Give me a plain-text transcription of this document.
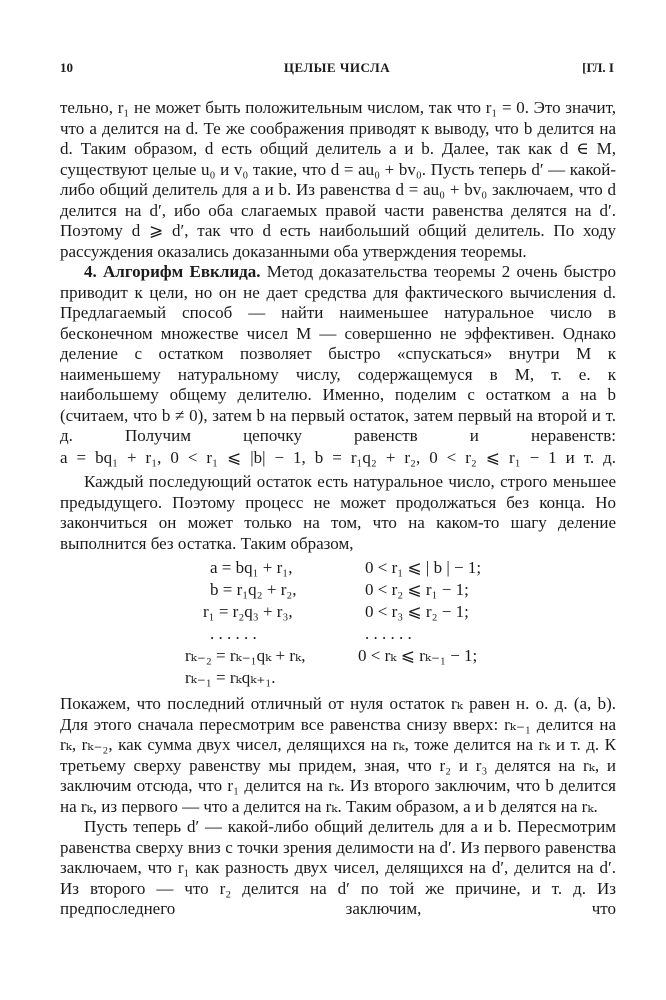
10	ЦЕЛЫЕ ЧИСЛА	[ГЛ. I

тельно, r₁ не может быть положительным числом, так что r₁ = 0. Это значит, что a делится на d. Те же соображения приводят к выводу, что b делится на d. Таким образом, d есть общий делитель a и b. Далее, так как d ∈ M, существуют целые u₀ и v₀ такие, что d = au₀ + bv₀. Пусть теперь d′ — какой-либо общий делитель для a и b. Из равенства d = au₀ + bv₀ заключаем, что d делится на d′, ибо оба слагаемых правой части равенства делятся на d′. Поэтому d ⩾ d′, так что d есть наибольший общий делитель. По ходу рассуждения оказались доказанными оба утверждения теоремы.

4. Алгорифм Евклида. Метод доказательства теоремы 2 очень быстро приводит к цели, но он не дает средства для фактического вычисления d. Предлагаемый способ — найти наименьшее натуральное число в бесконечном множестве чисел M — совершенно не эффективен. Однако деление с остатком позволяет быстро «спускаться» внутри M к наименьшему натуральному числу, содержащемуся в M, т. е. к наибольшему общему делителю. Именно, поделим с остатком a на b (считаем, что b ≠ 0), затем b на первый остаток, затем первый на второй и т. д. Получим цепочку равенств и неравенств:

a = bq₁ + r₁, 0 < r₁ ⩽ |b| − 1, b = r₁q₂ + r₂, 0 < r₂ ⩽ r₁ − 1 и т. д.

Каждый последующий остаток есть натуральное число, строго меньшее предыдущего. Поэтому процесс не может продолжаться без конца. Но закончиться он может только на том, что на каком-то шагу деление выполнится без остатка. Таким образом,

a = bq₁ + r₁,	0 < r₁ ⩽ | b | − 1;
b = r₁q₂ + r₂,	0 < r₂ ⩽ r₁ − 1;
r₁ = r₂q₃ + r₃,	0 < r₃ ⩽ r₂ − 1;
. . . . . .	. . . . . .
rₖ₋₂ = rₖ₋₁qₖ + rₖ,	0 < rₖ ⩽ rₖ₋₁ − 1;
rₖ₋₁ = rₖqₖ₊₁.

Покажем, что последний отличный от нуля остаток rₖ равен н. о. д. (a, b). Для этого сначала пересмотрим все равенства снизу вверх: rₖ₋₁ делится на rₖ, rₖ₋₂, как сумма двух чисел, делящихся на rₖ, тоже делится на rₖ и т. д. К третьему сверху равенству мы придем, зная, что r₂ и r₃ делятся на rₖ, и заключим отсюда, что r₁ делится на rₖ. Из второго заключим, что b делится на rₖ, из первого — что a делится на rₖ. Таким образом, a и b делятся на rₖ.

Пусть теперь d′ — какой-либо общий делитель для a и b. Пересмотрим равенства сверху вниз с точки зрения делимости на d′. Из первого равенства заключаем, что r₁ как разность двух чисел, делящихся на d′, делится на d′. Из второго — что r₂ делится на d′ по той же причине, и т. д. Из предпоследнего заключим, что
